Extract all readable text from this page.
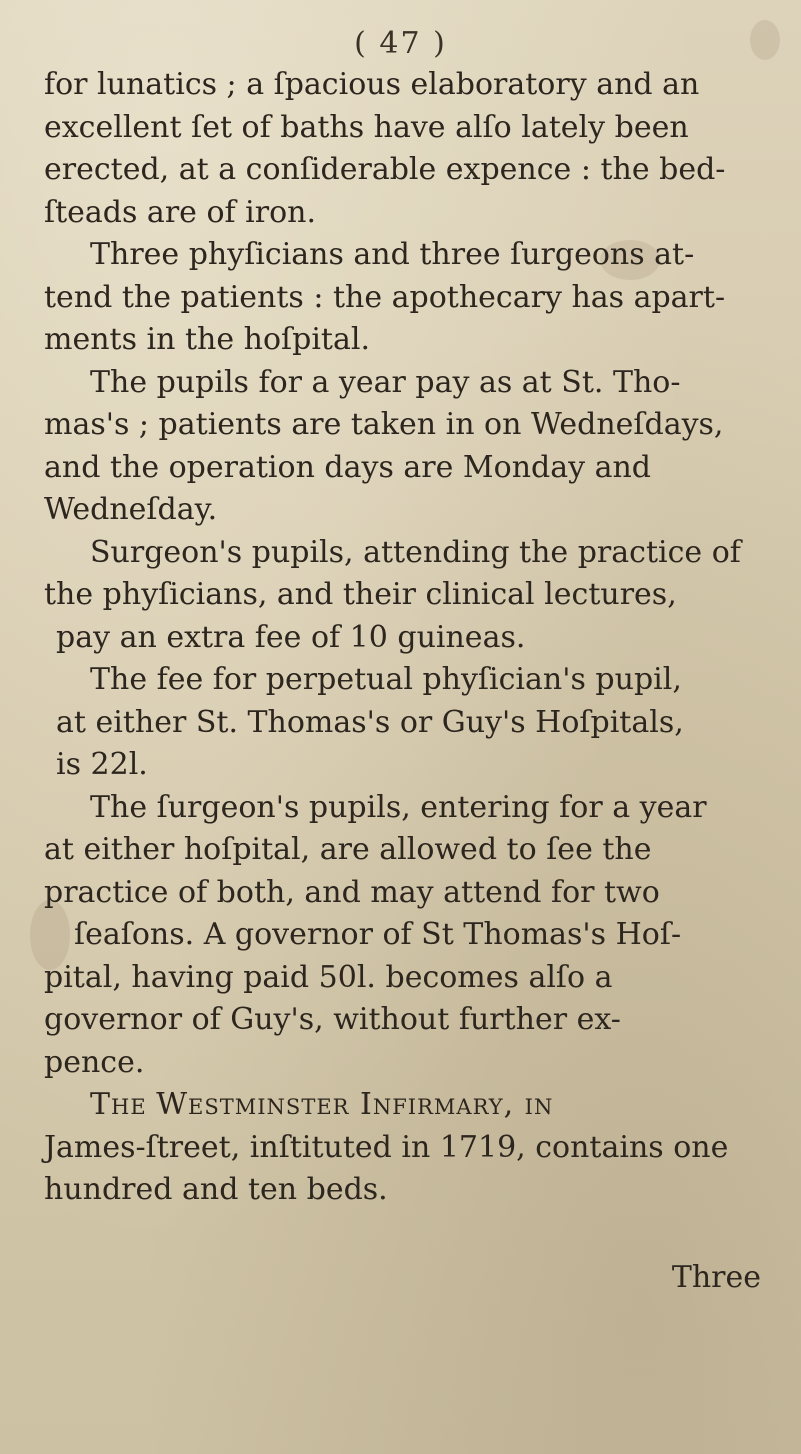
( 47 )
for lunatics ; a ſpacious elaboratory and an
excellent ſet of baths have alſo lately been
erected, at a conſiderable expence : the bed-
ſteads are of iron.
Three phyſicians and three ſurgeons at-
tend the patients : the apothecary has apart-
ments in the hoſpital.
The pupils for a year pay as at St. Tho-
mas's ; patients are taken in on Wedneſdays,
and the operation days are Monday and
Wedneſday.
Surgeon's pupils, attending the practice of
the phyſicians, and their clinical lectures,
pay an extra fee of 10 guineas.
The fee for perpetual phyſician's pupil,
at either St. Thomas's or Guy's Hoſpitals,
is 22l.
The ſurgeon's pupils, entering for a year
at either hoſpital, are allowed to ſee the
practice of both, and may attend for two
ſeaſons. A governor of St Thomas's Hoſ-
pital, having paid 50l. becomes alſo a
governor of Guy's, without further ex-
pence.
The Westminster Infirmary, in
James-ſtreet, inſtituted in 1719, contains one
hundred and ten beds.
Three
